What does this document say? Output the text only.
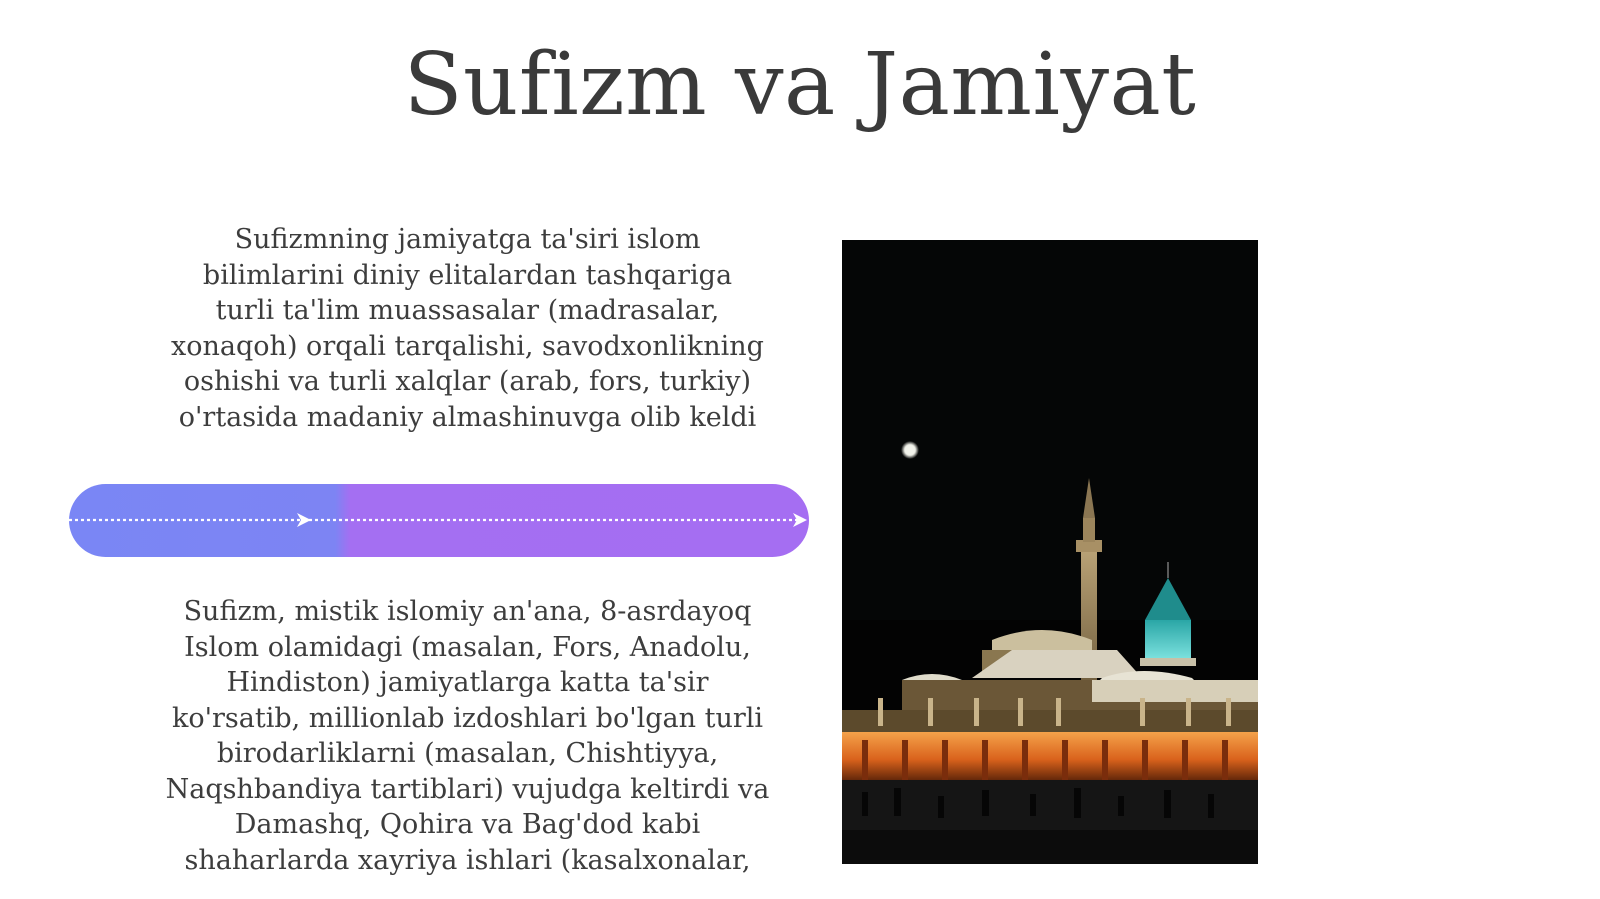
Sufizm va Jamiyat

Sufizmning jamiyatga ta'siri islom bilimlarini diniy elitalardan tashqariga turli ta'lim muassasalar (madrasalar, xonaqoh) orqali tarqalishi, savodxonlikning oshishi va turli xalqlar (arab, fors, turkiy) o'rtasida madaniy almashinuvga olib keldi

Sufizm, mistik islomiy an'ana, 8-asrdayoq Islom olamidagi (masalan, Fors, Anadolu, Hindiston) jamiyatlarga katta ta'sir ko'rsatib, millionlab izdoshlari bo'lgan turli birodarliklarni (masalan, Chishtiyya, Naqshbandiya tartiblari) vujudga keltirdi va Damashq, Qohira va Bag'dod kabi shaharlarda xayriya ishlari (kasalxonalar,
